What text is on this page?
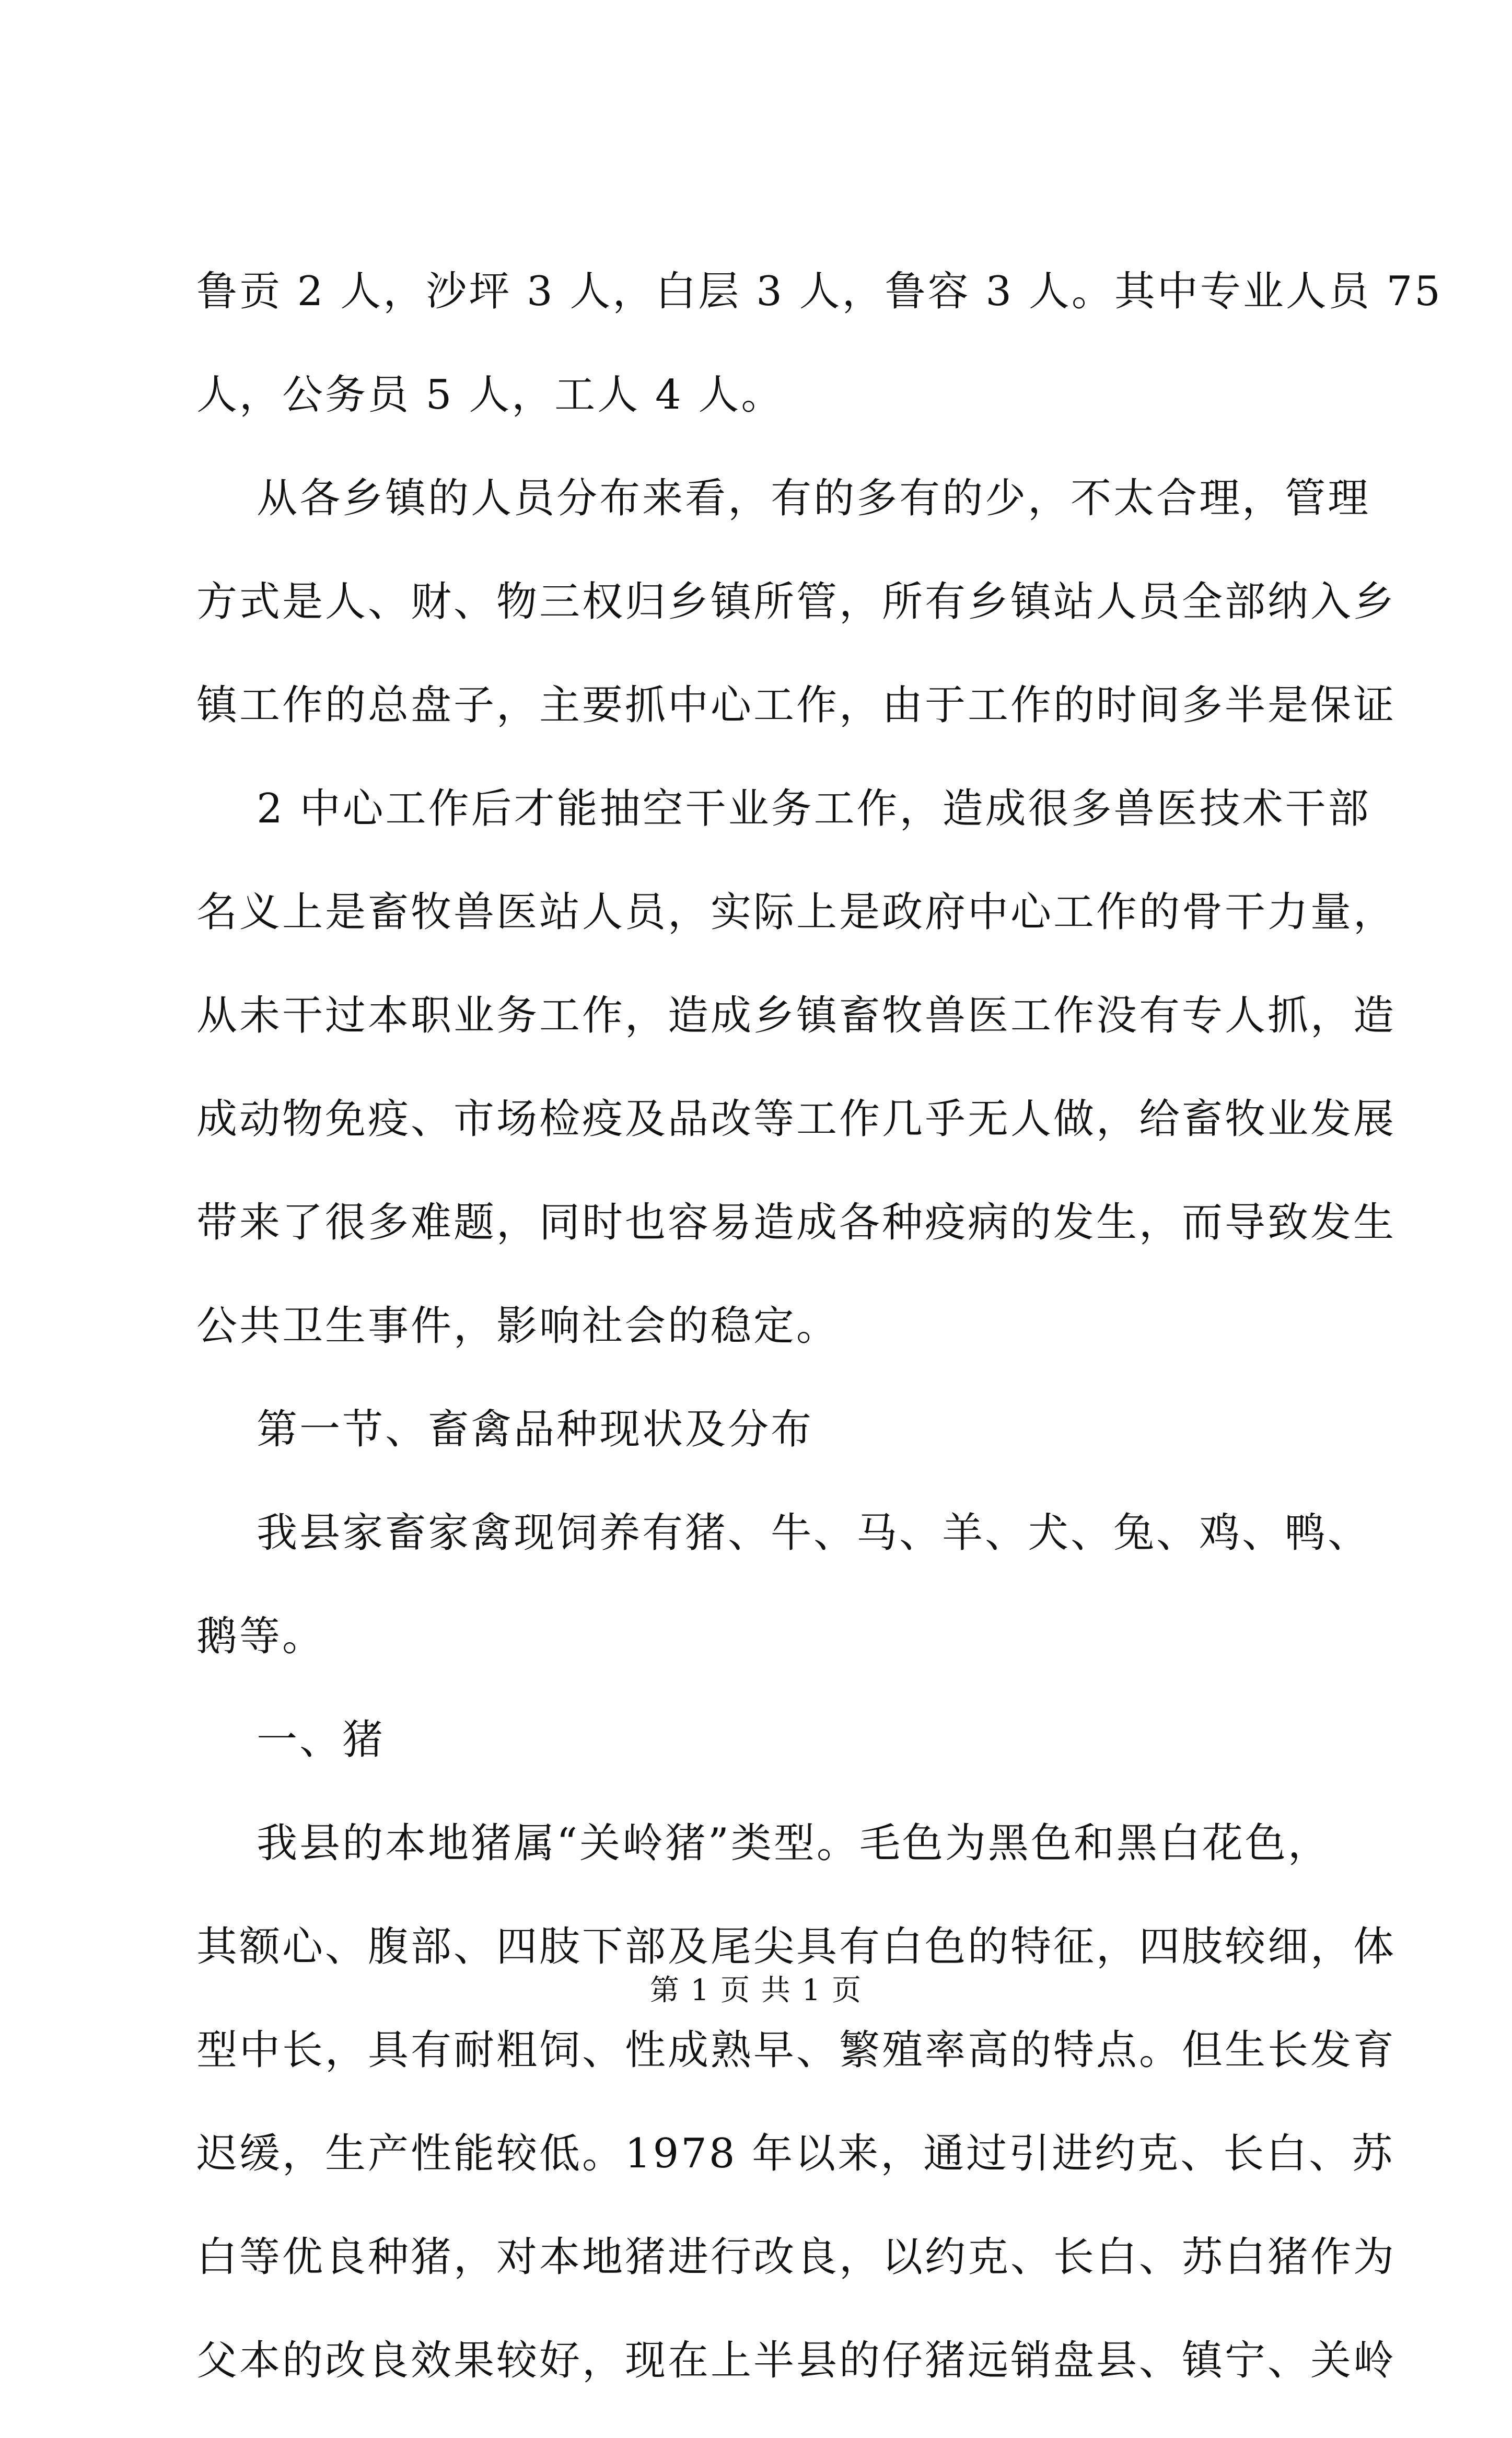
鲁贡 2 人，沙坪 3 人，白层 3 人，鲁容 3 人。其中专业人员 75
人，公务员 5 人，工人 4 人。
从各乡镇的人员分布来看，有的多有的少，不太合理，管理
方式是人、财、物三权归乡镇所管，所有乡镇站人员全部纳入乡
镇工作的总盘子，主要抓中心工作，由于工作的时间多半是保证
2 中心工作后才能抽空干业务工作，造成很多兽医技术干部
名义上是畜牧兽医站人员，实际上是政府中心工作的骨干力量，
从未干过本职业务工作，造成乡镇畜牧兽医工作没有专人抓，造
成动物免疫、市场检疫及品改等工作几乎无人做，给畜牧业发展
带来了很多难题，同时也容易造成各种疫病的发生，而导致发生
公共卫生事件，影响社会的稳定。
第一节、畜禽品种现状及分布
我县家畜家禽现饲养有猪、牛、马、羊、犬、兔、鸡、鸭、
鹅等。
一、猪
我县的本地猪属“关岭猪”类型。毛色为黑色和黑白花色，
其额心、腹部、四肢下部及尾尖具有白色的特征，四肢较细，体
型中长，具有耐粗饲、性成熟早、繁殖率高的特点。但生长发育
迟缓，生产性能较低。1978 年以来，通过引进约克、长白、苏
白等优良种猪，对本地猪进行改良，以约克、长白、苏白猪作为
父本的改良效果较好，现在上半县的仔猪远销盘县、镇宁、关岭
第 1 页 共 1 页
